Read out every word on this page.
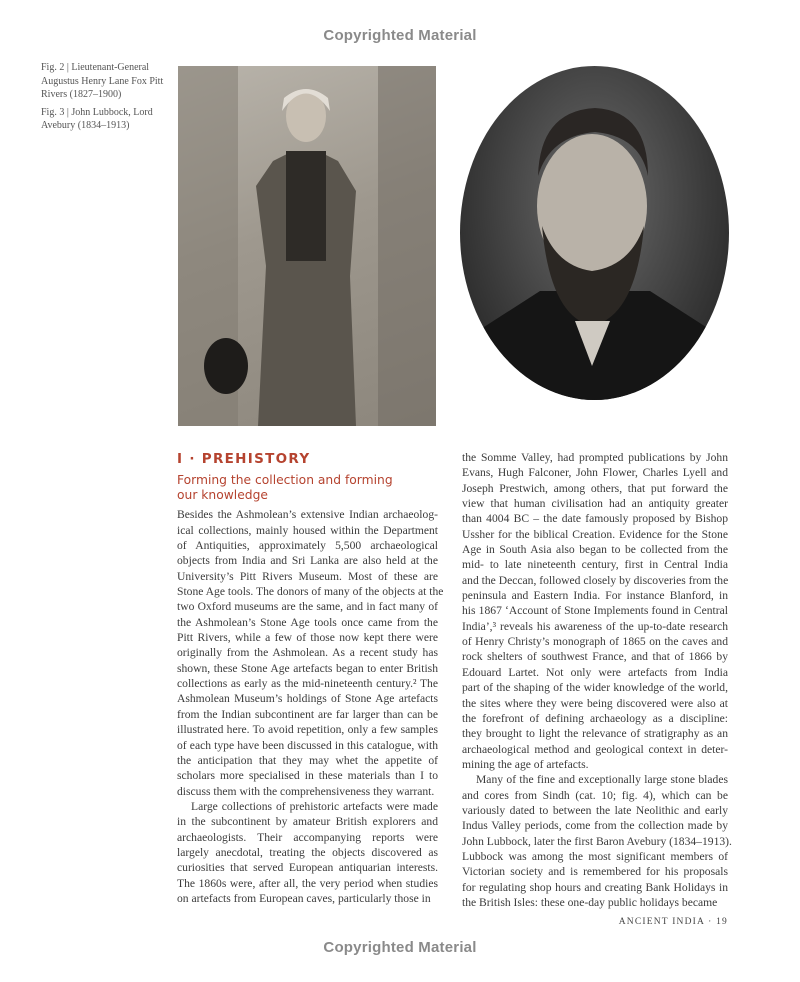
Copyrighted Material
Fig. 2 | Lieutenant-General Augustus Henry Lane Fox Pitt Rivers (1827–1900)
Fig. 3 | John Lubbock, Lord Avebury (1834–1913)
I · PREHISTORY
Forming the collection and forming
our knowledge
Besides the Ashmolean’s extensive Indian archaeolog-
ical collections, mainly housed within the Department
of Antiquities, approximately 5,500 archaeological
objects from India and Sri Lanka are also held at the
University’s Pitt Rivers Museum. Most of these are
Stone Age tools. The donors of many of the objects at the
two Oxford museums are the same, and in fact many of
the Ashmolean’s Stone Age tools once came from the
Pitt Rivers, while a few of those now kept there were
originally from the Ashmolean. As a recent study has
shown, these Stone Age artefacts began to enter British
collections as early as the mid-nineteenth century.² The
Ashmolean Museum’s holdings of Stone Age artefacts
from the Indian subcontinent are far larger than can be
illustrated here. To avoid repetition, only a few samples
of each type have been discussed in this catalogue, with
the anticipation that they may whet the appetite of
scholars more specialised in these materials than I to
discuss them with the comprehensiveness they warrant.
Large collections of prehistoric artefacts were made
in the subcontinent by amateur British explorers and
archaeologists. Their accompanying reports were
largely anecdotal, treating the objects discovered as
curiosities that served European antiquarian interests.
The 1860s were, after all, the very period when studies
on artefacts from European caves, particularly those in
the Somme Valley, had prompted publications by John
Evans, Hugh Falconer, John Flower, Charles Lyell and
Joseph Prestwich, among others, that put forward the
view that human civilisation had an antiquity greater
than 4004 BC – the date famously proposed by Bishop
Ussher for the biblical Creation. Evidence for the Stone
Age in South Asia also began to be collected from the
mid- to late nineteenth century, first in Central India
and the Deccan, followed closely by discoveries from the
peninsula and Eastern India. For instance Blanford, in
his 1867 ‘Account of Stone Implements found in Central
India’,³ reveals his awareness of the up-to-date research
of Henry Christy’s monograph of 1865 on the caves and
rock shelters of southwest France, and that of 1866 by
Edouard Lartet. Not only were artefacts from India
part of the shaping of the wider knowledge of the world,
the sites where they were being discovered were also at
the forefront of defining archaeology as a discipline:
they brought to light the relevance of stratigraphy as an
archaeological method and geological context in deter-
mining the age of artefacts.
Many of the fine and exceptionally large stone blades
and cores from Sindh (cat. 10; fig. 4), which can be
variously dated to between the late Neolithic and early
Indus Valley periods, come from the collection made by
John Lubbock, later the first Baron Avebury (1834–1913).
Lubbock was among the most significant members of
Victorian society and is remembered for his proposals
for regulating shop hours and creating Bank Holidays in
the British Isles: these one-day public holidays became
ANCIENT INDIA · 19
Copyrighted Material
